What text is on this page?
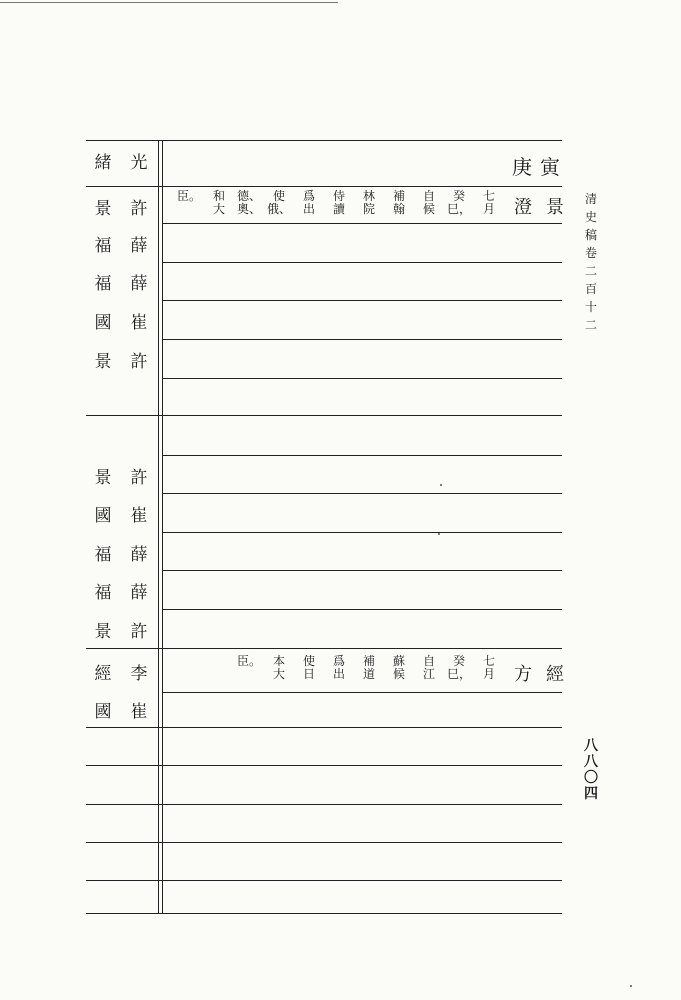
緒 光
景 許
福 薛
福 薛
國 崔
景 許
景 許
國 崔
福 薛
福 薛
景 許
經 李
國 崔
庚寅
景
澄
七
月
癸
巳，
自
候
補
翰
林
院
侍
讀
爲
出
使
俄、
德、
奧、
和
大
臣。
經
方
七
月
癸
巳，
自
江
蘇
候
補
道
爲
出
使
日
本
大
臣。
清
史
稿
卷
二
百
十
二
八
八
〇
四
